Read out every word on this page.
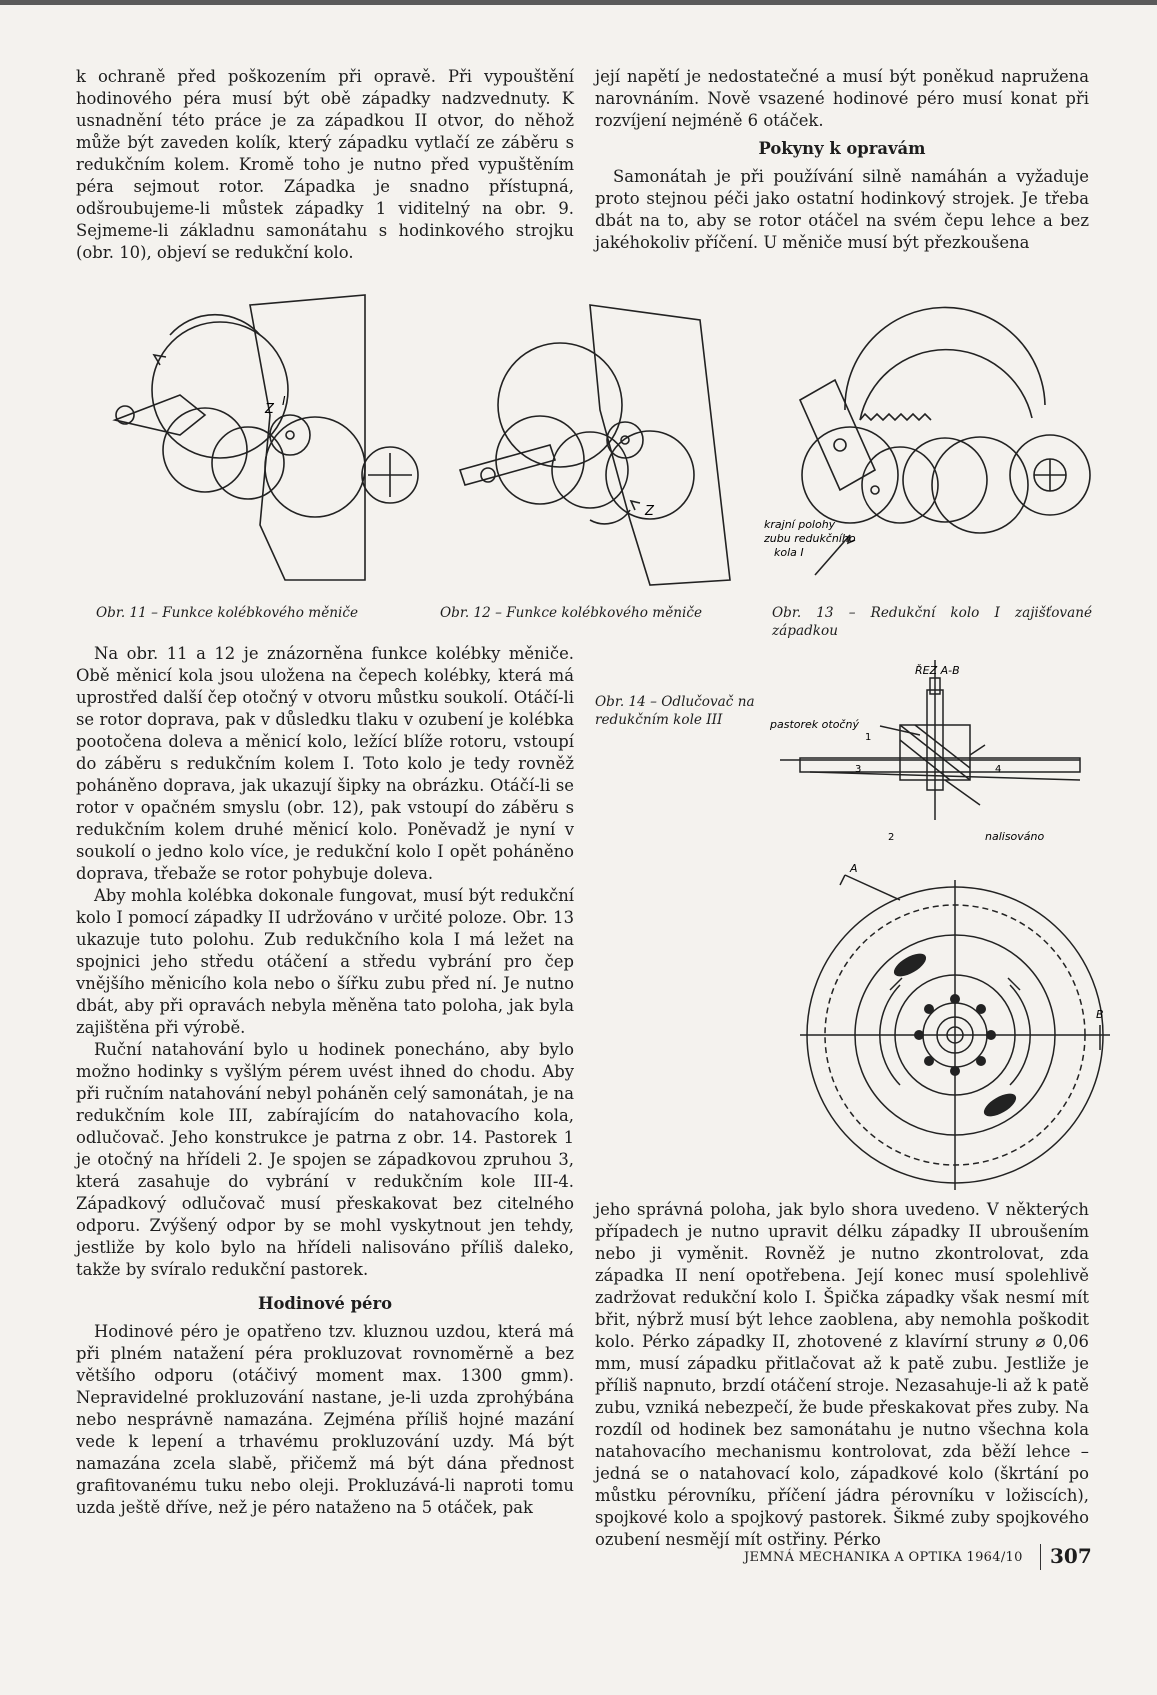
k ochraně před poškozením při opravě. Při vypouštění hodinového péra musí být obě západky nadzvednuty. K usnadnění této práce je za západkou II otvor, do něhož může být zaveden kolík, který západku vytlačí ze záběru s redukčním kolem. Kromě toho je nutno před vypuštěním péra sejmout rotor. Západka je snadno přístupná, odšroubujeme-li můstek západky 1 viditelný na obr. 9. Sejmeme-li základnu samonátahu s hodinkového strojku (obr. 10), objeví se redukční kolo.

její napětí je nedostatečné a musí být poněkud napružena narovnáním. Nově vsazené hodinové péro musí konat při rozvíjení nejméně 6 otáček.

Pokyny k opravám

Samonátah je při používání silně namáhán a vyžaduje proto stejnou péči jako ostatní hodinkový strojek. Je třeba dbát na to, aby se rotor otáčel na svém čepu lehce a bez jakéhokoliv příčení. U měniče musí být přezkoušena

I
Z
Z
krajní polohy
zubu redukčního
kola I
Obr. 11 – Funkce kolébkového měniče	Obr. 12 – Funkce kolébkového měniče	Obr. 13 – Redukční kolo I zajišťované západkou

Na obr. 11 a 12 je znázorněna funkce kolébky měniče. Obě měnicí kola jsou uložena na čepech kolébky, která má uprostřed další čep otočný v otvoru můstku soukolí. Otáčí-li se rotor doprava, pak v důsledku tlaku v ozubení je kolébka pootočena doleva a měnicí kolo, ležící blíže rotoru, vstoupí do záběru s redukčním kolem I. Toto kolo je tedy rovněž poháněno doprava, jak ukazují šipky na obrázku. Otáčí-li se rotor v opačném smyslu (obr. 12), pak vstoupí do záběru s redukčním kolem druhé měnicí kolo. Poněvadž je nyní v soukolí o jedno kolo více, je redukční kolo I opět poháněno doprava, třebaže se rotor pohybuje doleva.

Aby mohla kolébka dokonale fungovat, musí být redukční kolo I pomocí západky II udržováno v určité poloze. Obr. 13 ukazuje tuto polohu. Zub redukčního kola I má ležet na spojnici jeho středu otáčení a středu vybrání pro čep vnějšího měnicího kola nebo o šířku zubu před ní. Je nutno dbát, aby při opravách nebyla měněna tato poloha, jak byla zajištěna při výrobě.

Ruční natahování bylo u hodinek ponecháno, aby bylo možno hodinky s vyšlým pérem uvést ihned do chodu. Aby při ručním natahování nebyl poháněn celý samonátah, je na redukčním kole III, zabírajícím do natahovacího kola, odlučovač. Jeho konstrukce je patrna z obr. 14. Pastorek 1 je otočný na hřídeli 2. Je spojen se západkovou zpruhou 3, která zasahuje do vybrání v redukčním kole III-4. Západkový odlučovač musí přeskakovat bez citelného odporu. Zvýšený odpor by se mohl vyskytnout jen tehdy, jestliže by kolo bylo na hřídeli nalisováno příliš daleko, takže by svíralo redukční pastorek.

Hodinové péro

Hodinové péro je opatřeno tzv. kluznou uzdou, která má při plném natažení péra prokluzovat rovnoměrně a bez většího odporu (otáčivý moment max. 1300 gmm). Nepravidelné prokluzování nastane, je-li uzda zprohýbána nebo nesprávně namazána. Zejména příliš hojné mazání vede k lepení a trhavému prokluzování uzdy. Má být namazána zcela slabě, přičemž má být dána přednost grafitovanému tuku nebo oleji. Prokluzává-li naproti tomu uzda ještě dříve, než je péro nataženo na 5 otáček, pak

Obr. 14 – Odlučovač na redukčním kole III
ŘEZ A-B
pastorek otočný
1
3	4
2	nalisováno
A
B

jeho správná poloha, jak bylo shora uvedeno. V některých případech je nutno upravit délku západky II ubroušením nebo ji vyměnit. Rovněž je nutno zkontrolovat, zda západka II není opotřebena. Její konec musí spolehlivě zadržovat redukční kolo I. Špička západky však nesmí mít břit, nýbrž musí být lehce zaoblena, aby nemohla poškodit kolo. Pérko západky II, zhotovené z klavírní struny ⌀ 0,06 mm, musí západku přitlačovat až k patě zubu. Jestliže je příliš napnuto, brzdí otáčení stroje. Nezasahuje-li až k patě zubu, vzniká nebezpečí, že bude přeskakovat přes zuby. Na rozdíl od hodinek bez samonátahu je nutno všechna kola natahovacího mechanismu kontrolovat, zda běží lehce – jedná se o natahovací kolo, západkové kolo (škrtání po můstku pérovníku, příčení jádra pérovníku v ložiscích), spojkové kolo a spojkový pastorek. Šikmé zuby spojkového ozubení nesmějí mít ostřiny. Pérko

JEMNÁ MECHANIKA A OPTIKA 1964/10 307
